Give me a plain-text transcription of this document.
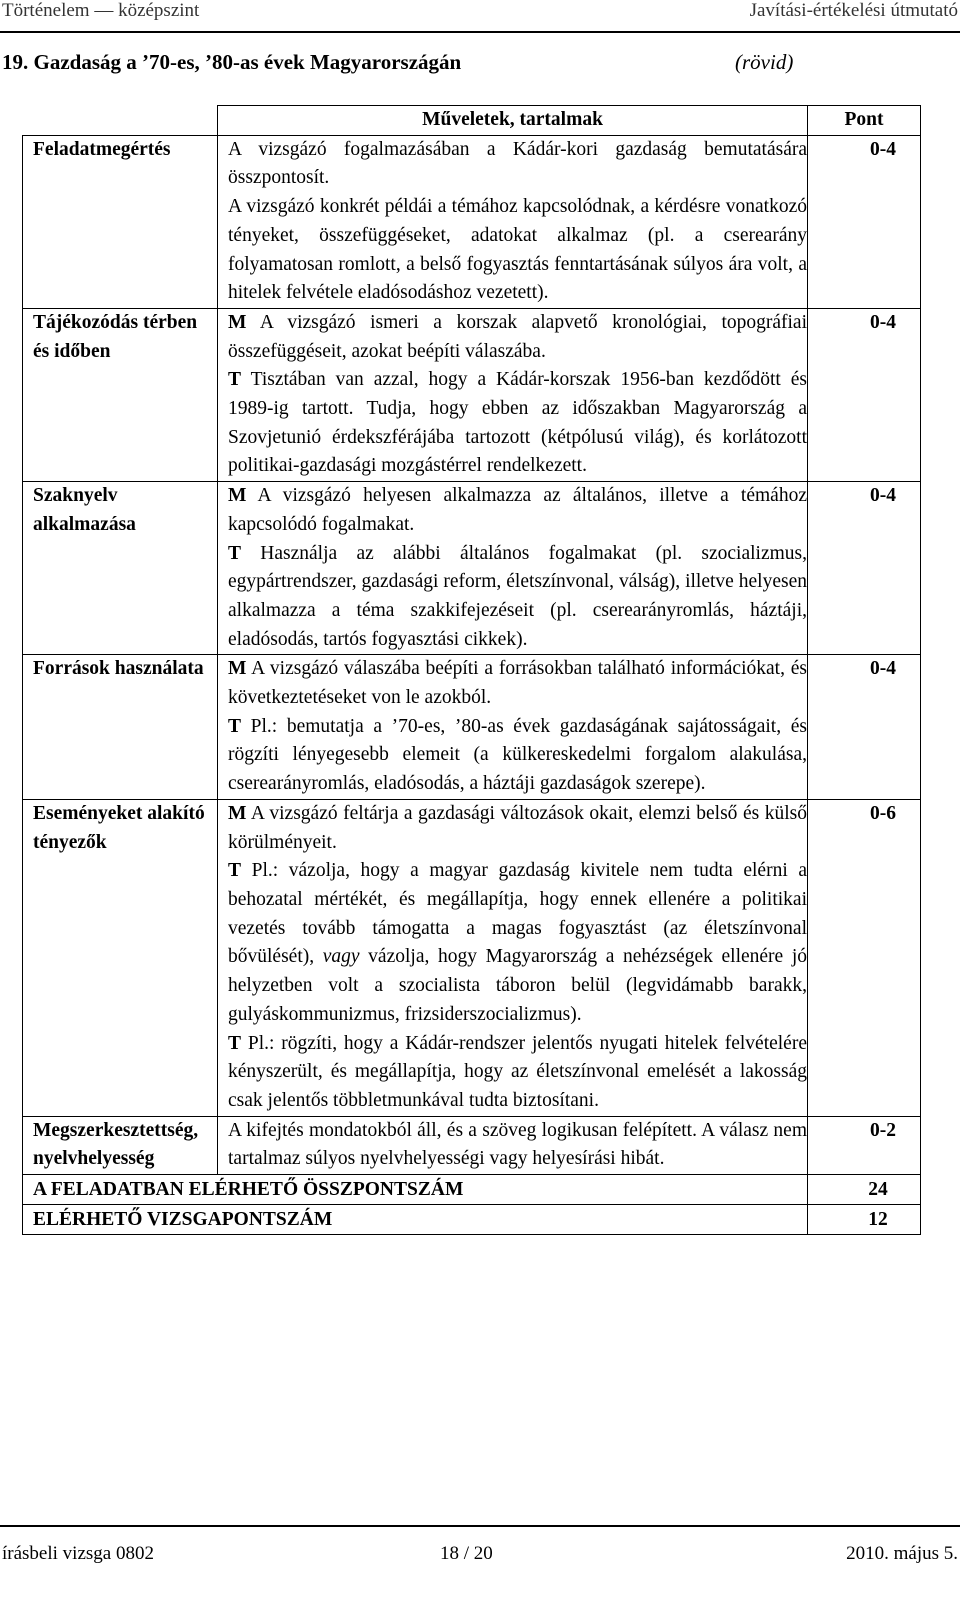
Történelem — középszint	Javítási-értékelési útmutató
19. Gazdaság a ’70-es, ’80-as évek Magyarországán	(rövid)
	Műveletek, tartalmak	Pont
Feladatmegértés	A vizsgázó fogalmazásában a Kádár-kori gazdaság bemutatására összpontosít.

A vizsgázó konkrét példái a témához kapcsolódnak, a kérdésre vonatkozó tényeket, összefüggéseket, adatokat alkalmaz (pl. a cserearány folyamatosan romlott, a belső fogyasztás fenntartásának súlyos ára volt, a hitelek felvétele eladósodáshoz vezetett).	0-4

Tájékozódás térben és időben	M A vizsgázó ismeri a korszak alapvető kronológiai, topográfiai összefüggéseit, azokat beépíti válaszába.

T Tisztában van azzal, hogy a Kádár-korszak 1956-ban kezdődött és 1989-ig tartott. Tudja, hogy ebben az időszakban Magyarország a Szovjetunió érdekszférájába tartozott (kétpólusú világ), és korlátozott politikai-gazdasági mozgástérrel rendelkezett.	0-4

Szaknyelv alkalmazása	M A vizsgázó helyesen alkalmazza az általános, illetve a témához kapcsolódó fogalmakat.

T Használja az alábbi általános fogalmakat (pl. szocializmus, egypártrendszer, gazdasági reform, életszínvonal, válság), illetve helyesen alkalmazza a téma szakkifejezéseit (pl. cserearányromlás, háztáji, eladósodás, tartós fogyasztási cikkek).	0-4

Források használata	M A vizsgázó válaszába beépíti a forrásokban található információkat, és következtetéseket von le azokból.

T Pl.: bemutatja a ’70-es, ’80-as évek gazdaságának sajátosságait, és rögzíti lényegesebb elemeit (a külkereskedelmi forgalom alakulása, cserearányromlás, eladósodás, a háztáji gazdaságok szerepe).	0-4

Eseményeket alakító tényezők	M A vizsgázó feltárja a gazdasági változások okait, elemzi belső és külső körülményeit.

T Pl.: vázolja, hogy a magyar gazdaság kivitele nem tudta elérni a behozatal mértékét, és megállapítja, hogy ennek ellenére a politikai vezetés tovább támogatta a magas fogyasztást (az életszínvonal bővülését), vagy vázolja, hogy Magyarország a nehézségek ellenére jó helyzetben volt a szocialista táboron belül (legvidámabb barakk, gulyáskommunizmus, frizsiderszocializmus).

T Pl.: rögzíti, hogy a Kádár-rendszer jelentős nyugati hitelek felvételére kényszerült, és megállapítja, hogy az életszínvonal emelését a lakosság csak jelentős többletmunkával tudta biztosítani.	0-6

Megszerkesztettség, nyelvhelyesség	A kifejtés mondatokból áll, és a szöveg logikusan felépített. A válasz nem tartalmaz súlyos nyelvhelyességi vagy helyesírási hibát.	0-2

A FELADATBAN ELÉRHETŐ ÖSSZPONTSZÁM		24
ELÉRHETŐ VIZSGAPONTSZÁM		12
írásbeli vizsga 0802	18 / 20	2010. május 5.
